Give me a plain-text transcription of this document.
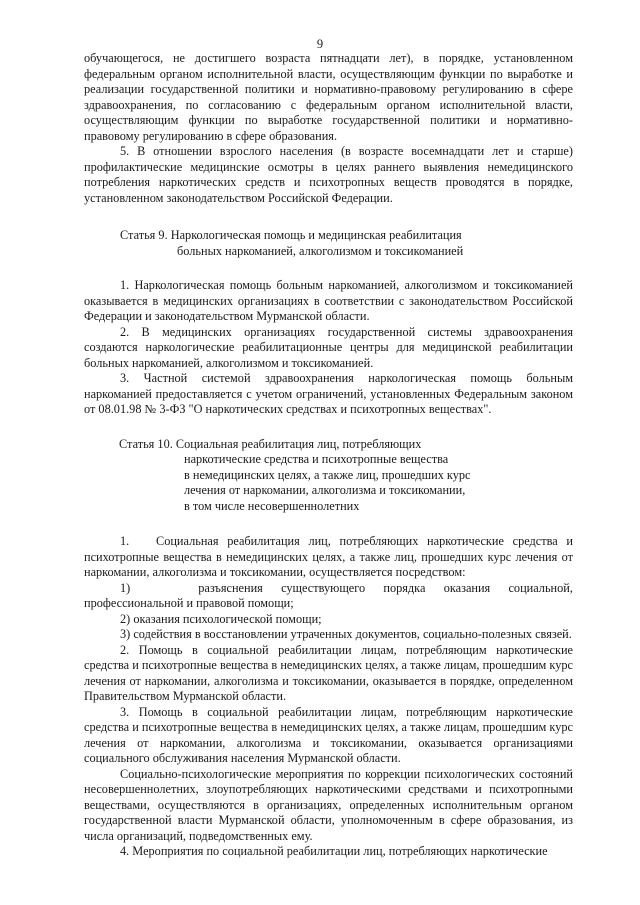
9

обучающегося, не достигшего возраста пятнадцати лет), в порядке, установленном федеральным органом исполнительной власти, осуществляющим функции по выработке и реализации государственной политики и нормативно-правовому регулированию в сфере здравоохранения, по согласованию с федеральным органом исполнительной власти, осуществляющим функции по выработке государственной политики и нормативно-правовому регулированию в сфере образования.

5. В отношении взрослого населения (в возрасте восемнадцати лет и старше) профилактические медицинские осмотры в целях раннего выявления немедицинского потребления наркотических средств и психотропных веществ проводятся в порядке, установленном законодательством Российской Федерации.

Статья 9. Наркологическая помощь и медицинская реабилитация
больных наркоманией, алкоголизмом и токсикоманией

1. Наркологическая помощь больным наркоманией, алкоголизмом и токсикоманией оказывается в медицинских организациях в соответствии с законодательством Российской Федерации и законодательством Мурманской области.

2. В медицинских организациях государственной системы здравоохранения создаются наркологические реабилитационные центры для медицинской реабилитации больных наркоманией, алкоголизмом и токсикоманией.

3. Частной системой здравоохранения наркологическая помощь больным наркоманией предоставляется с учетом ограничений, установленных Федеральным законом от 08.01.98 № 3-ФЗ "О наркотических средствах и психотропных веществах".

Статья 10. Социальная реабилитация лиц, потребляющих
наркотические средства и психотропные вещества
в немедицинских целях, а также лиц, прошедших курс
лечения от наркомании, алкоголизма и токсикомании,
в том числе несовершеннолетних

1. Социальная реабилитация лиц, потребляющих наркотические средства и психотропные вещества в немедицинских целях, а также лиц, прошедших курс лечения от наркомании, алкоголизма и токсикомании, осуществляется посредством:

1)	разъяснения существующего порядка оказания социальной,

профессиональной и правовой помощи;

2) оказания психологической помощи;

3) содействия в восстановлении утраченных документов, социально-полезных связей.

2. Помощь в социальной реабилитации лицам, потребляющим наркотические средства и психотропные вещества в немедицинских целях, а также лицам, прошедшим курс лечения от наркомании, алкоголизма и токсикомании, оказывается в порядке, определенном Правительством Мурманской области.

3. Помощь в социальной реабилитации лицам, потребляющим наркотические средства и психотропные вещества в немедицинских целях, а также лицам, прошедшим курс лечения от наркомании, алкоголизма и токсикомании, оказывается организациями социального обслуживания населения Мурманской области.

Социально-психологические мероприятия по коррекции психологических состояний несовершеннолетних, злоупотребляющих наркотическими средствами и психотропными веществами, осуществляются в организациях, определенных исполнительным органом государственной власти Мурманской области, уполномоченным в сфере образования, из числа организаций, подведомственных ему.

4. Мероприятия по социальной реабилитации лиц, потребляющих наркотические
